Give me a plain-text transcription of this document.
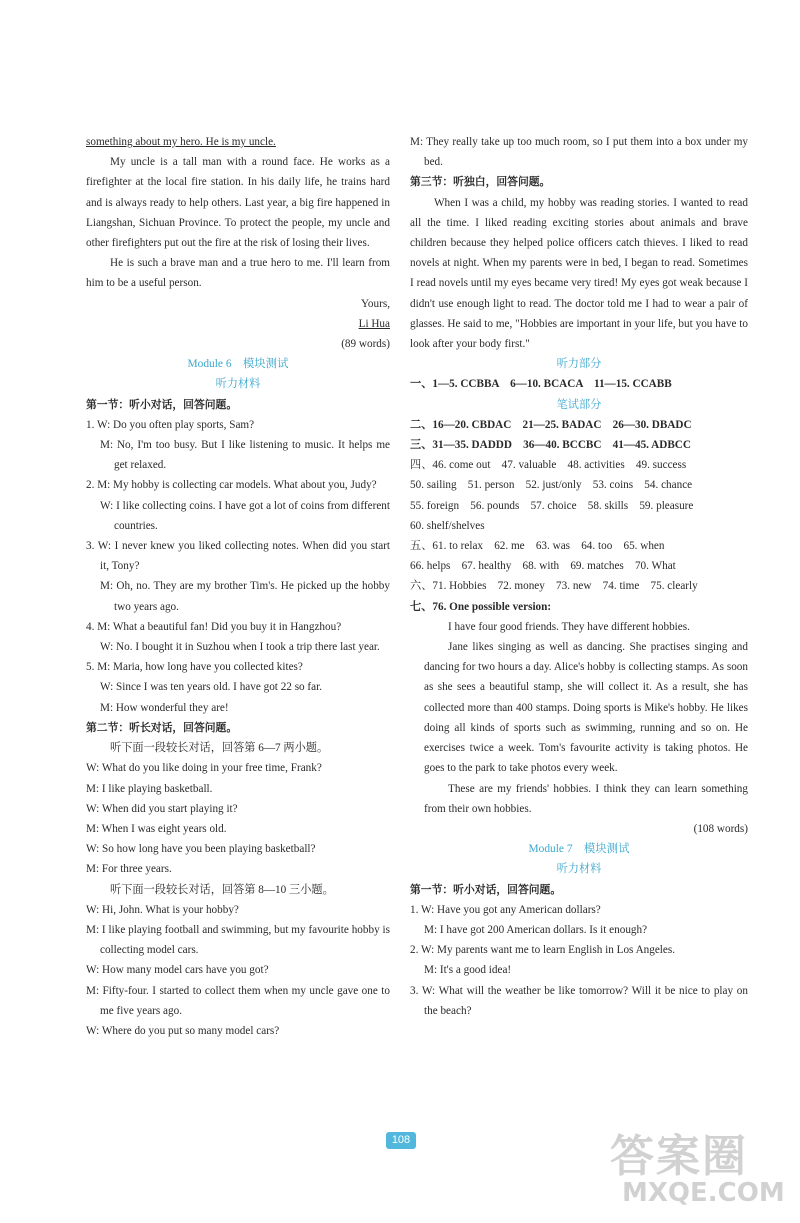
something about my hero. He is my uncle.

My uncle is a tall man with a round face. He works as a firefighter at the local fire station. In his daily life, he trains hard and is always ready to help others. Last year, a big fire happened in Liangshan, Sichuan Province. To protect the people, my uncle and other firefighters put out the fire at the risk of losing their lives.

He is such a brave man and a true hero to me. I'll learn from him to be a useful person.

Yours,

Li Hua

(89 words)

Module 6　模块测试

听力材料

第一节：听小对话，回答问题。

1. W: Do you often play sports, Sam?

M: No, I'm too busy. But I like listening to music. It helps me get relaxed.

2. M: My hobby is collecting car models. What about you, Judy?

W: I like collecting coins. I have got a lot of coins from different countries.

3. W: I never knew you liked collecting notes. When did you start it, Tony?

M: Oh, no. They are my brother Tim's. He picked up the hobby two years ago.

4. M: What a beautiful fan! Did you buy it in Hangzhou?

W: No. I bought it in Suzhou when I took a trip there last year.

5. M: Maria, how long have you collected kites?

W: Since I was ten years old. I have got 22 so far.

M: How wonderful they are!

第二节：听长对话，回答问题。

听下面一段较长对话，回答第 6—7 两小题。

W: What do you like doing in your free time, Frank?

M: I like playing basketball.

W: When did you start playing it?

M: When I was eight years old.

W: So how long have you been playing basketball?

M: For three years.

听下面一段较长对话，回答第 8—10 三小题。

W: Hi, John. What is your hobby?

M: I like playing football and swimming, but my favourite hobby is collecting model cars.

W: How many model cars have you got?

M: Fifty-four. I started to collect them when my uncle gave one to me five years ago.

W: Where do you put so many model cars?

M: They really take up too much room, so I put them into a box under my bed.

第三节：听独白，回答问题。

When I was a child, my hobby was reading stories. I wanted to read all the time. I liked reading exciting stories about animals and brave children because they helped police officers catch thieves. I liked to read novels at night. When my parents were in bed, I began to read. Sometimes I read novels until my eyes became very tired! My eyes got weak because I didn't use enough light to read. The doctor told me I had to wear a pair of glasses. He said to me, "Hobbies are important in your life, but you have to look after your body first."

听力部分

一、1—5. CCBBA　6—10. BCACA　11—15. CCABB

笔试部分

二、16—20. CBDAC　21—25. BADAC　26—30. DBADC

三、31—35. DADDD　36—40. BCCBC　41—45. ADBCC

四、46. come out　47. valuable　48. activities　49. success

50. sailing　51. person　52. just/only　53. coins　54. chance

55. foreign　56. pounds　57. choice　58. skills　59. pleasure

60. shelf/shelves

五、61. to relax　62. me　63. was　64. too　65. when

66. helps　67. healthy　68. with　69. matches　70. What

六、71. Hobbies　72. money　73. new　74. time　75. clearly

七、76. One possible version:

I have four good friends. They have different hobbies.

Jane likes singing as well as dancing. She practises singing and dancing for two hours a day. Alice's hobby is collecting stamps. As soon as she sees a beautiful stamp, she will collect it. As a result, she has collected more than 400 stamps. Doing sports is Mike's hobby. He likes doing all kinds of sports such as swimming, running and so on. He exercises twice a week. Tom's favourite activity is taking photos. He goes to the park to take photos every week.

These are my friends' hobbies. I think they can learn something from their own hobbies.

(108 words)

Module 7　模块测试

听力材料

第一节：听小对话，回答问题。

1. W: Have you got any American dollars?

M: I have got 200 American dollars. Is it enough?

2. W: My parents want me to learn English in Los Angeles.

M: It's a good idea!

3. W: What will the weather be like tomorrow? Will it be nice to play on the beach?

108	答案圈
MXQE.COM
